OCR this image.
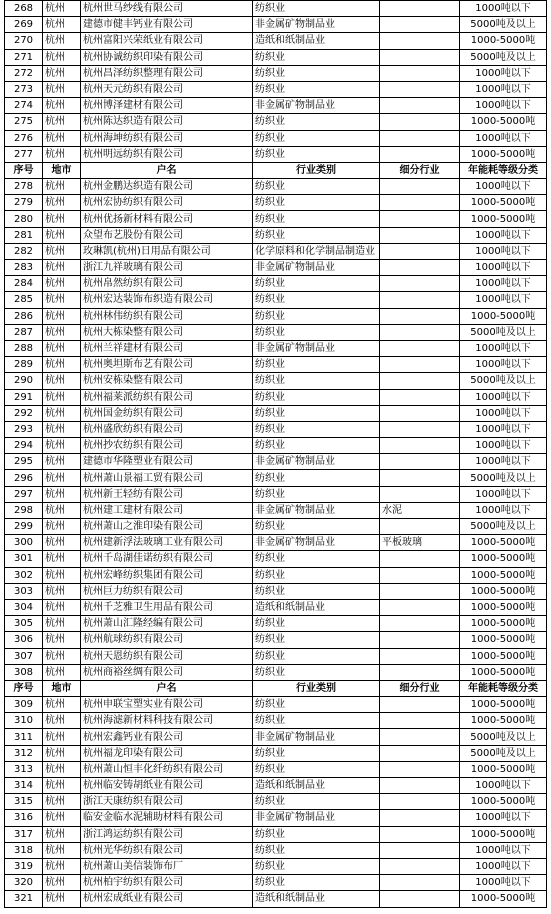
268	杭州	杭州世马纱线有限公司	纺织业		1000吨以下
269	杭州	建德市健丰钙业有限公司	非金属矿物制品业		5000吨及以上
270	杭州	杭州富阳兴荣纸业有限公司	造纸和纸制品业		1000-5000吨
271	杭州	杭州协诚纺织印染有限公司	纺织业		5000吨及以上
272	杭州	杭州昌泽纺织整理有限公司	纺织业		1000吨以下
273	杭州	杭州天元纺织有限公司	纺织业		1000吨以下
274	杭州	杭州博泽建材有限公司	非金属矿物制品业		1000吨以下
275	杭州	杭州陈达织造有限公司	纺织业		1000-5000吨
276	杭州	杭州海坤纺织有限公司	纺织业		1000吨以下
277	杭州	杭州明远纺织有限公司	纺织业		1000-5000吨
序号	地市	户名	行业类别	细分行业	年能耗等级分类
278	杭州	杭州金鹏达织造有限公司	纺织业		1000吨以下
279	杭州	杭州宏协纺织有限公司	纺织业		1000-5000吨
280	杭州	杭州优扬新材料有限公司	纺织业		1000-5000吨
281	杭州	众望布艺股份有限公司	纺织业		1000吨以下
282	杭州	玫琳凯(杭州)日用品有限公司	化学原料和化学制品制造业		1000吨以下
283	杭州	浙江九祥玻璃有限公司	非金属矿物制品业		1000吨以下
284	杭州	杭州帛然纺织有限公司	纺织业		1000吨以下
285	杭州	杭州宏达装饰布织造有限公司	纺织业		1000吨以下
286	杭州	杭州林伟纺织有限公司	纺织业		1000-5000吨
287	杭州	杭州大栋染整有限公司	纺织业		5000吨及以上
288	杭州	杭州兰祥建材有限公司	非金属矿物制品业		1000吨以下
289	杭州	杭州奥坦斯布艺有限公司	纺织业		1000吨以下
290	杭州	杭州安栋染整有限公司	纺织业		5000吨及以上
291	杭州	杭州福莱派纺织有限公司	纺织业		1000吨以下
292	杭州	杭州国金纺织有限公司	纺织业		1000吨以下
293	杭州	杭州盛欣纺织有限公司	纺织业		1000吨以下
294	杭州	杭州抄农纺织有限公司	纺织业		1000吨以下
295	杭州	建德市华隆塑业有限公司	非金属矿物制品业		1000吨以下
296	杭州	杭州萧山景福工贸有限公司	纺织业		5000吨及以上
297	杭州	杭州新王轻纺有限公司	纺织业		1000吨以下
298	杭州	杭州建工建材有限公司	非金属矿物制品业	水泥	1000吨以下
299	杭州	杭州萧山之淮印染有限公司	纺织业		5000吨及以上
300	杭州	杭州建新浮法玻璃工业有限公司	非金属矿物制品业	平板玻璃	1000-5000吨
301	杭州	杭州千岛湖佳诺纺织有限公司	纺织业		1000-5000吨
302	杭州	杭州宏峰纺织集团有限公司	纺织业		1000-5000吨
303	杭州	杭州巨力纺织有限公司	纺织业		1000-5000吨
304	杭州	杭州千芝雅卫生用品有限公司	造纸和纸制品业		1000-5000吨
305	杭州	杭州萧山汇隆经编有限公司	纺织业		1000-5000吨
306	杭州	杭州航球纺织有限公司	纺织业		1000-5000吨
307	杭州	杭州天恩纺织有限公司	纺织业		1000-5000吨
308	杭州	杭州商裕丝绸有限公司	纺织业		1000-5000吨
序号	地市	户名	行业类别	细分行业	年能耗等级分类
309	杭州	杭州申联宝塑实业有限公司	纺织业		1000-5000吨
310	杭州	杭州海滤新材料科技有限公司	纺织业		1000-5000吨
311	杭州	杭州宏鑫钙业有限公司	非金属矿物制品业		5000吨及以上
312	杭州	杭州福龙印染有限公司	纺织业		5000吨及以上
313	杭州	杭州萧山恒丰化纤纺织有限公司	纺织业		1000-5000吨
314	杭州	杭州临安铸胡纸业有限公司	造纸和纸制品业		1000吨以下
315	杭州	浙江天康纺织有限公司	纺织业		1000-5000吨
316	杭州	临安金临水泥辅助材料有限公司	非金属矿物制品业		1000吨以下
317	杭州	浙江鸿运纺织有限公司	纺织业		1000-5000吨
318	杭州	杭州光华纺织有限公司	纺织业		1000吨以下
319	杭州	杭州萧山美信装饰布厂	纺织业		1000吨以下
320	杭州	杭州柏宇纺织有限公司	纺织业		1000吨以下
321	杭州	杭州宏成纸业有限公司	造纸和纸制品业		1000-5000吨
